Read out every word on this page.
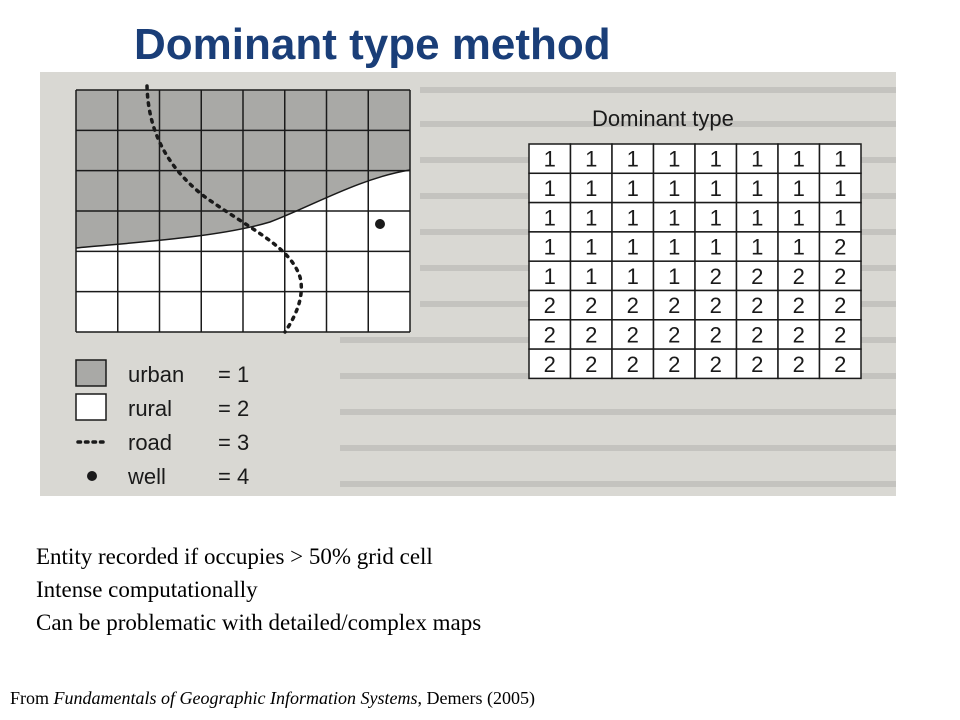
Dominant type method
urban = 1
rural = 2
road = 3
well = 4
Dominant type
1 1 1 1 1 1 1 1
1 1 1 1 1 1 1 1
1 1 1 1 1 1 1 1
1 1 1 1 1 1 1 2
1 1 1 1 2 2 2 2
2 2 2 2 2 2 2 2
2 2 2 2 2 2 2 2
2 2 2 2 2 2 2 2
Entity recorded if occupies > 50% grid cell
Intense computationally
Can be problematic with detailed/complex maps
From Fundamentals of Geographic Information Systems, Demers (2005)
